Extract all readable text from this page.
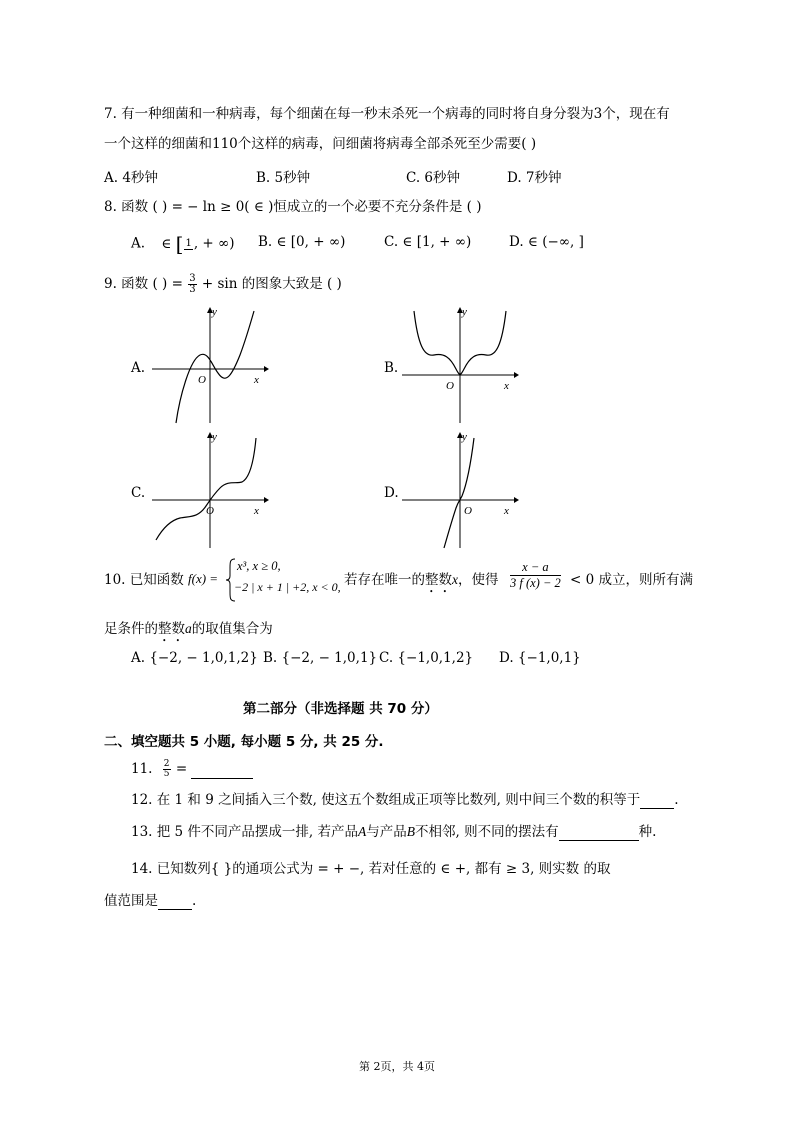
7. 有一种细菌和一种病毒，每个细菌在每一秒末杀死一个病毒的同时将自身分裂为3个，现在有
一个这样的细菌和110个这样的病毒，问细菌将病毒全部杀死至少需要( )
A. 4秒钟	B. 5秒钟	C. 6秒钟	D. 7秒钟
8. 函数 ( ) = − ln ≥ 0( ∈ )恒成立的一个必要不充分条件是 ( )
A. ∈ [ 1 , + ∞) B. ∈ [0, + ∞)	C. ∈ [1, + ∞)	D. ∈ (−∞, ]
9. 函数 ( ) = $\frac{3}{3} + \sin$ 的图象大致是 ( )
A.	B.
C.	D.
y
x
O
y
x
O
y
x
O
y
x
O
10. 已知函数 f(x) =
x³, x ≥ 0,
−2 | x + 1 | +2, x < 0, 若存在唯一的整数x，使得 $\frac{x - a}{3 f (x) - 2} < 0$ 成立，则所有满
足条件的整数a的取值集合为
A. {−2, − 1,0,1,2} B. {−2, − 1,0,1} C. {−1,0,1,2} D. {−1,0,1}
第二部分（非选择题 共 70 分）
二、填空题共 5 小题, 每小题 5 分, 共 25 分.
11. $\frac{2}{5}$ =
12. 在 1 和 9 之间插入三个数, 使这五个数组成正项等比数列, 则中间三个数的积等于	.
13. 把 5 件不同产品摆成一排, 若产品A与产品B不相邻, 则不同的摆法有	种.
14. 已知数列{ }的通项公式为 = + −, 若对任意的 ∈ +, 都有 ≥ 3, 则实数 的取
值范围是	.
第 2页，共 4页
